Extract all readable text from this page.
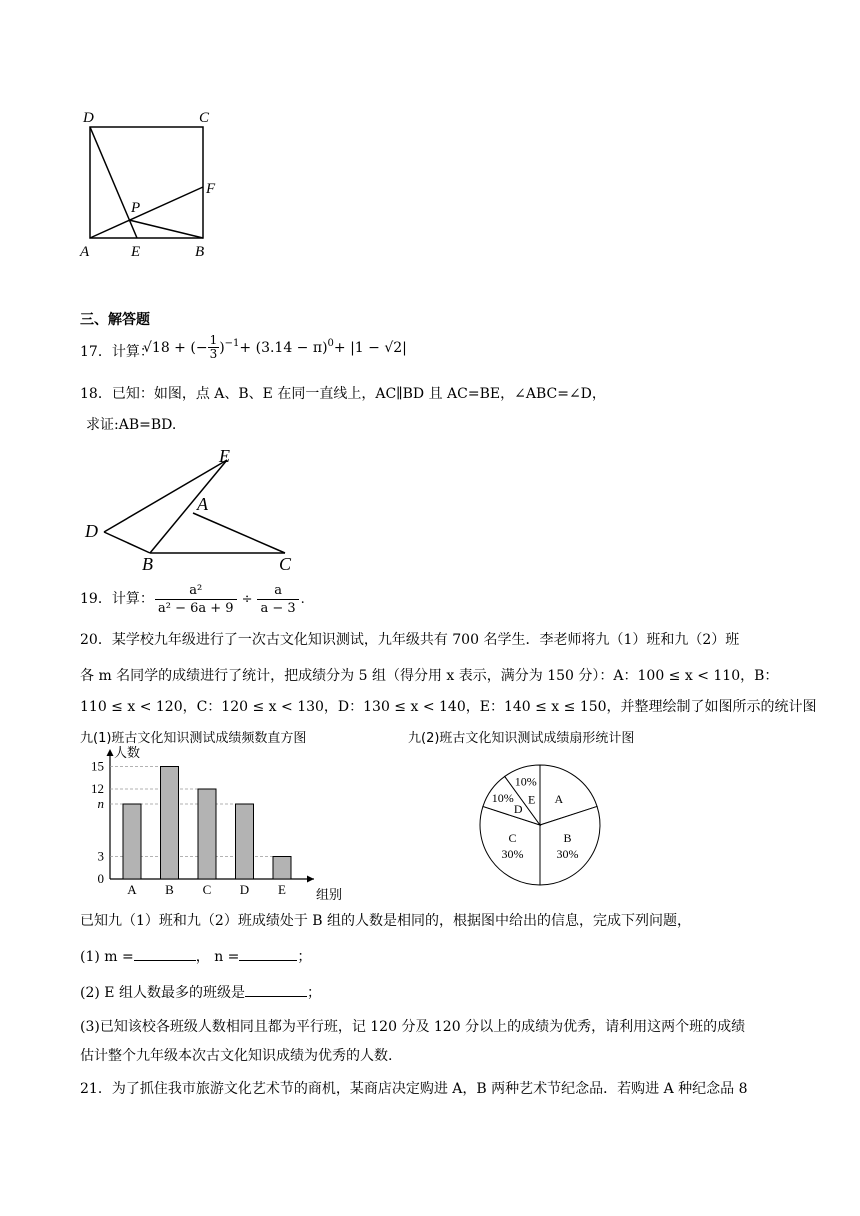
D	C
F
P
A	E	B
三、解答题
17．计算：
√18 + (− $\frac{1}{3} )^{-1}+ (3.14 - \pi)^0+ |1 - √2|$
18．已知：如图，点 A、B、E 在同一直线上，AC∥BD 且 AC=BE，∠ABC=∠D，
求证:AB=BD.
E
A
D
B	C
19．计算： $\frac{\text{a²}}{\text{a² − 6a + 9}} \div \frac{a}{a - 3}$ .
20．某学校九年级进行了一次古文化知识测试，九年级共有 700 名学生．李老师将九（1）班和九（2）班
各 m 名同学的成绩进行了统计，把成绩分为 5 组（得分用 x 表示，满分为 150 分）：A：100 ≤ x < 110，B：
110 ≤ x < 120，C：120 ≤ x < 130，D：130 ≤ x < 140，E：140 ≤ x ≤ 150，并整理绘制了如图所示的统计图
九(1)班古文化知识测试成绩频数直方图	九(2)班古文化知识测试成绩扇形统计图
人数
组别
0
3
n
12
15
A B C D E
A
B
30%
C
30%
10%
D
10%
E
已知九（1）班和九（2）班成绩处于 B 组的人数是相同的，根据图中给出的信息，完成下列问题，
(1) m =	， n =	；
(2) E 组人数最多的班级是	；
(3)已知该校各班级人数相同且都为平行班，记 120 分及 120 分以上的成绩为优秀，请利用这两个班的成绩
估计整个九年级本次古文化知识成绩为优秀的人数.
21．为了抓住我市旅游文化艺术节的商机，某商店决定购进 A，B 两种艺术节纪念品．若购进 A 种纪念品 8
